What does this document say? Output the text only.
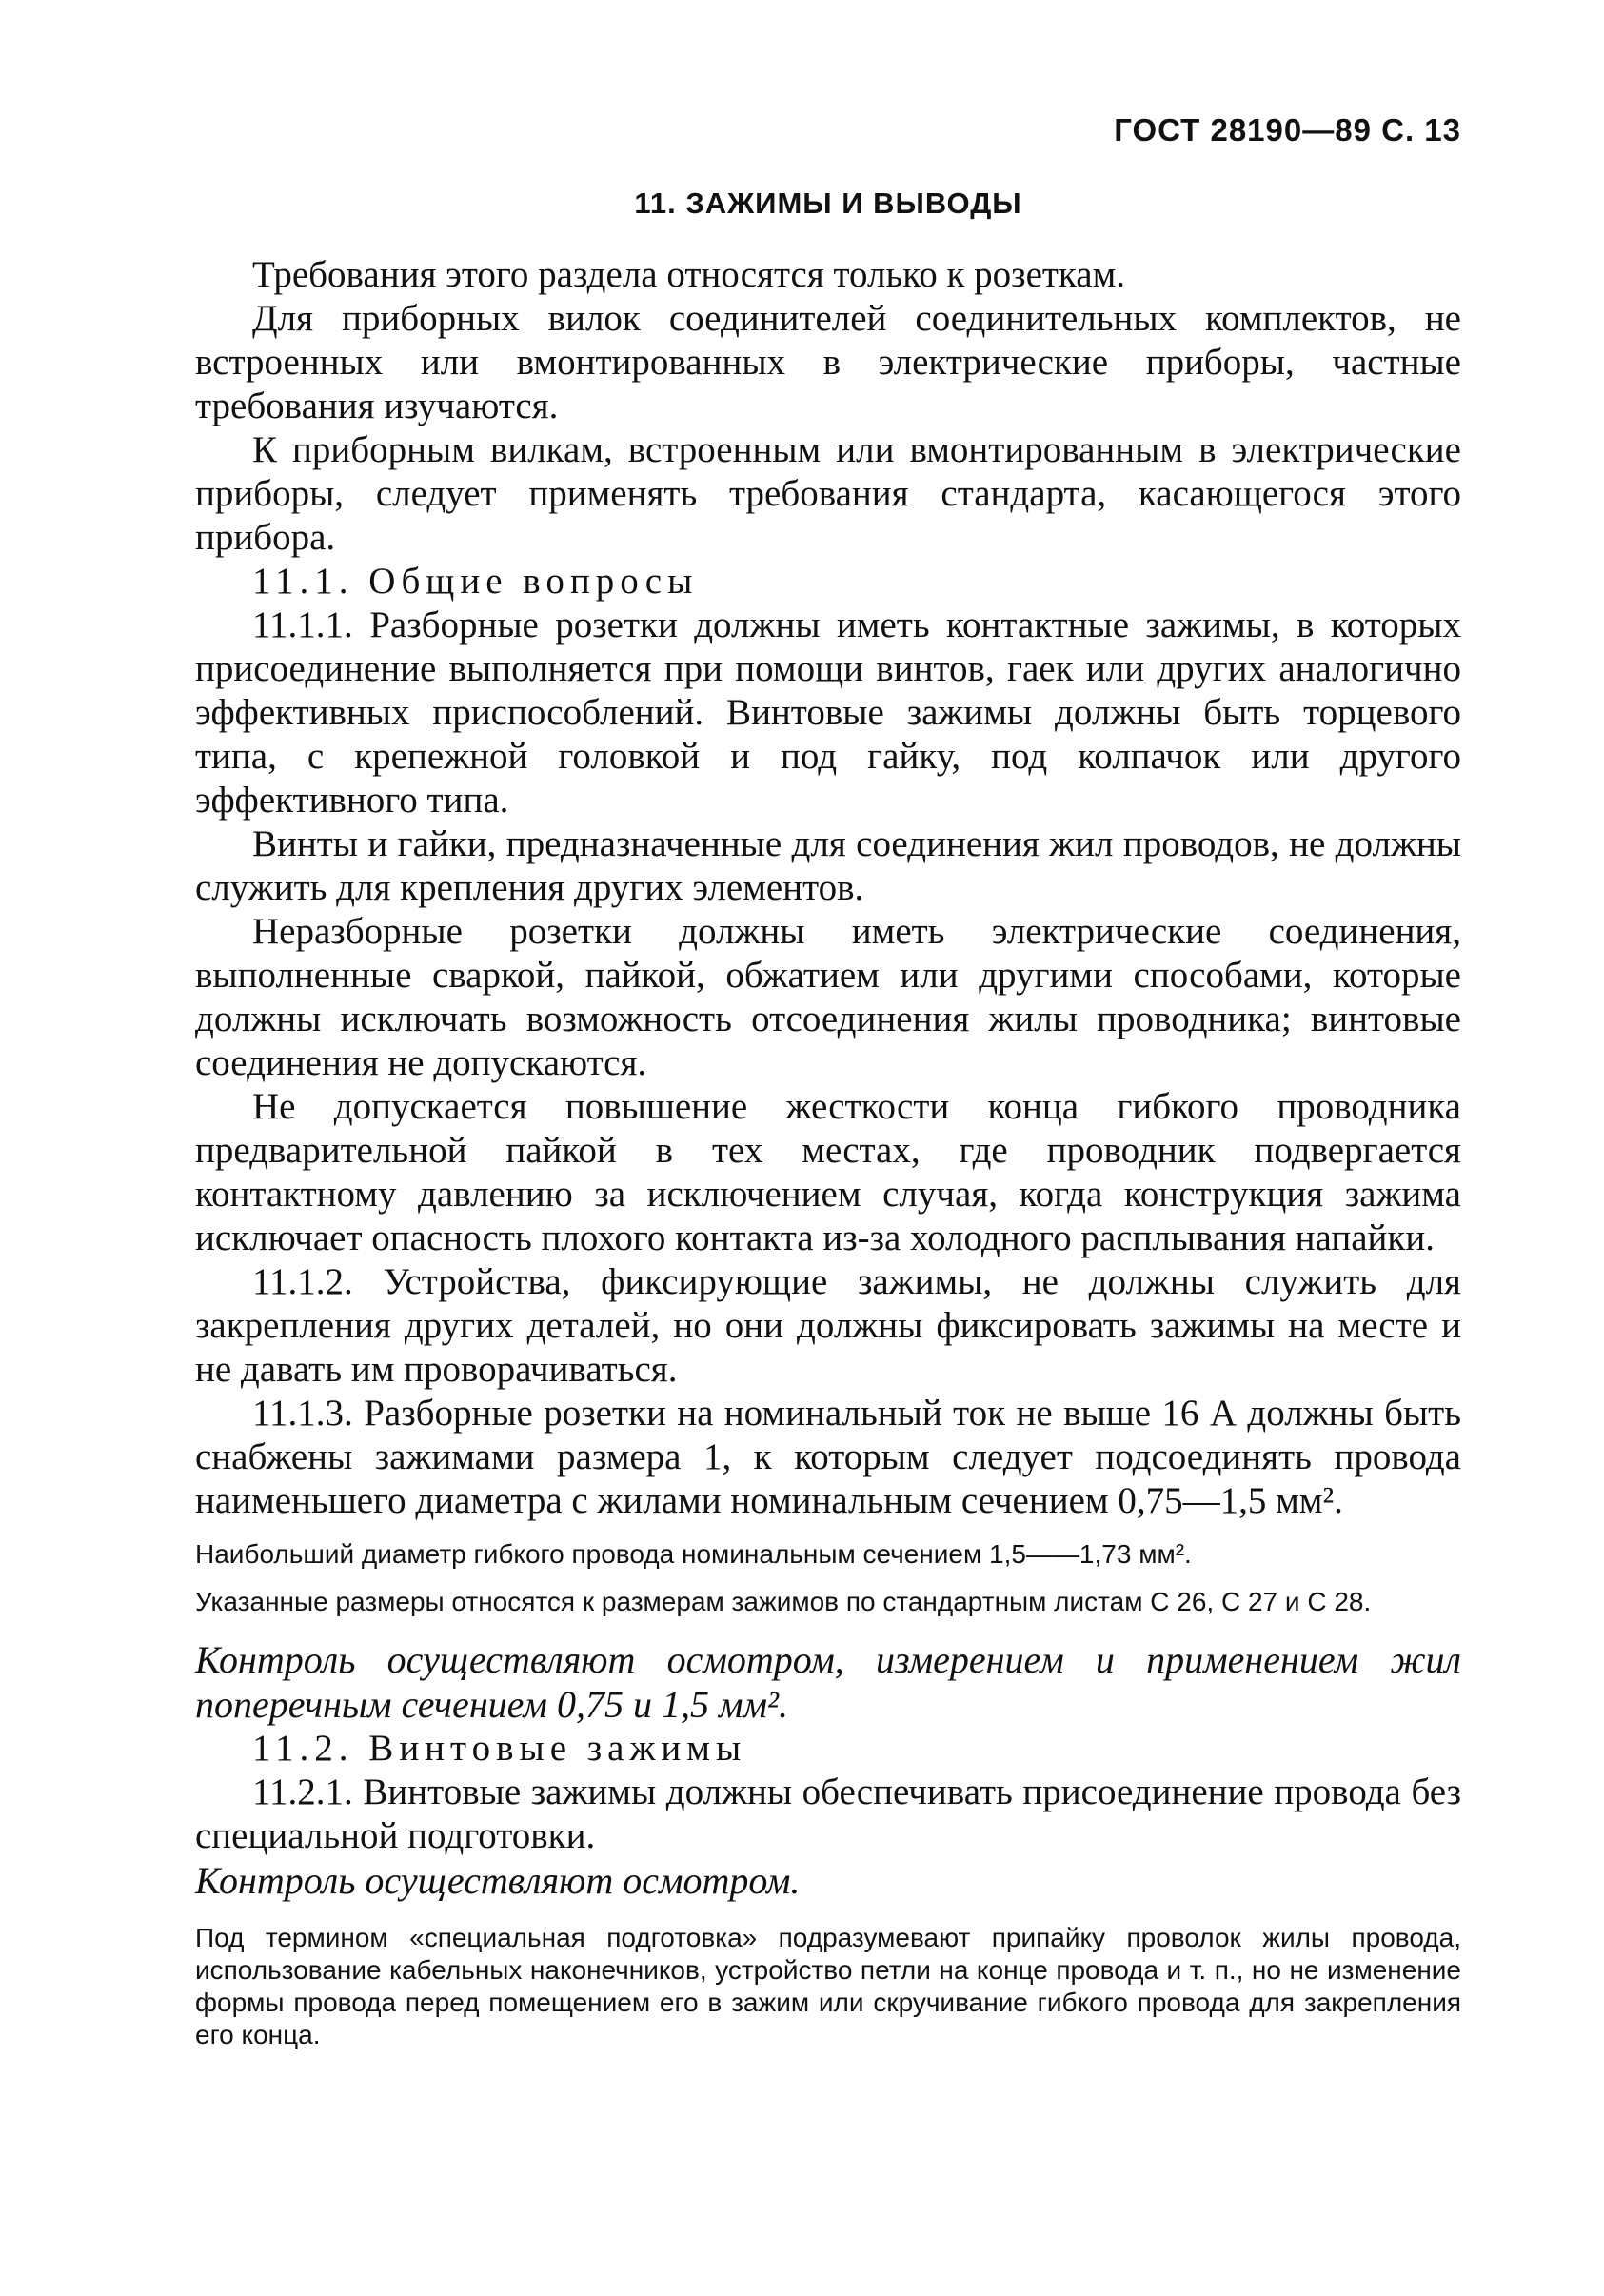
ГОСТ 28190—89 С. 13
11. ЗАЖИМЫ И ВЫВОДЫ

Требования этого раздела относятся только к розеткам.

Для приборных вилок соединителей соединительных комплектов, не встроенных или вмонтированных в электрические приборы, частные требования изучаются.

К приборным вилкам, встроенным или вмонтированным в электрические приборы, следует применять требования стандарта, касающегося этого прибора.

11.1. Общие вопросы

11.1.1. Разборные розетки должны иметь контактные зажимы, в которых присоединение выполняется при помощи винтов, гаек или других аналогично эффективных приспособлений. Винтовые зажимы должны быть торцевого типа, с крепежной головкой и под гайку, под колпачок или другого эффективного типа.

Винты и гайки, предназначенные для соединения жил проводов, не должны служить для крепления других элементов.

Неразборные розетки должны иметь электрические соединения, выполненные сваркой, пайкой, обжатием или другими способами, которые должны исключать возможность отсоединения жилы проводника; винтовые соединения не допускаются.

Не допускается повышение жесткости конца гибкого проводника предварительной пайкой в тех местах, где проводник подвергается контактному давлению за исключением случая, когда конструкция зажима исключает опасность плохого контакта из-за холодного расплывания напайки.

11.1.2. Устройства, фиксирующие зажимы, не должны служить для закрепления других деталей, но они должны фиксировать зажимы на месте и не давать им проворачиваться.

11.1.3. Разборные розетки на номинальный ток не выше 16 А должны быть снабжены зажимами размера 1, к которым следует подсоединять провода наименьшего диаметра с жилами номинальным сечением 0,75—1,5 мм².

Наибольший диаметр гибкого провода номинальным сечением 1,5——1,73 мм².

Указанные размеры относятся к размерам зажимов по стандартным листам С 26, С 27 и С 28.

Контроль осуществляют осмотром, измерением и применением жил поперечным сечением 0,75 и 1,5 мм².

11.2. Винтовые зажимы

11.2.1. Винтовые зажимы должны обеспечивать присоединение провода без специальной подготовки.

Контроль осуществляют осмотром.

Под термином «специальная подготовка» подразумевают припайку проволок жилы провода, использование кабельных наконечников, устройство петли на конце провода и т. п., но не изменение формы провода перед помещением его в зажим или скручивание гибкого провода для закрепления его конца.
